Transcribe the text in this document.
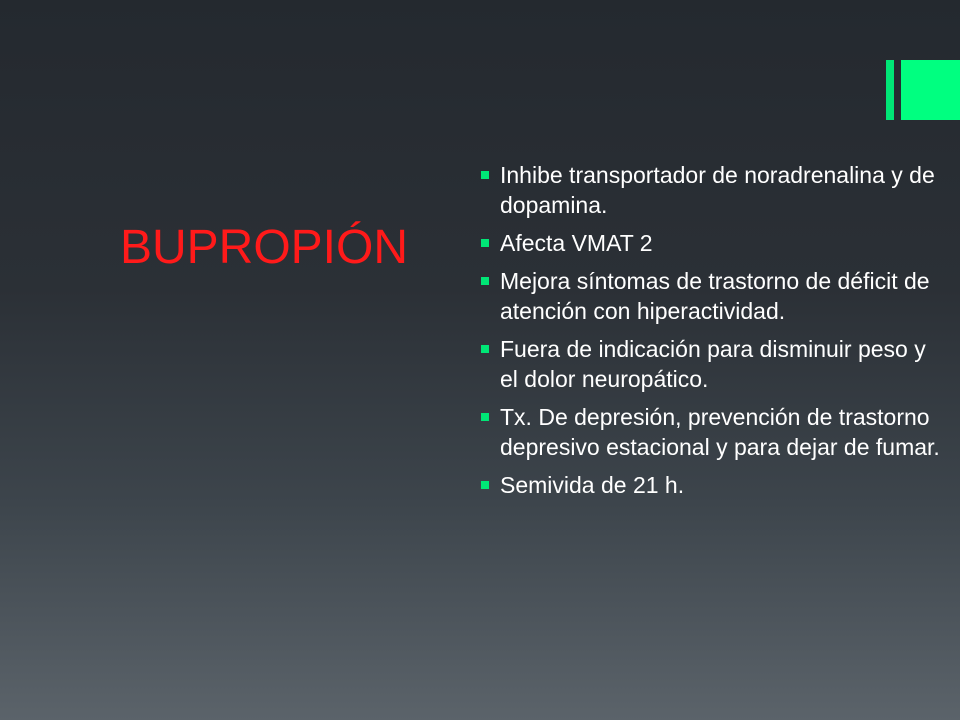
BUPROPIÓN
Inhibe transportador de noradrenalina y de dopamina.
Afecta VMAT 2
Mejora síntomas de trastorno de déficit de atención con hiperactividad.
Fuera de indicación para disminuir peso y el dolor neuropático.
Tx. De depresión, prevención de trastorno depresivo estacional y para dejar de fumar.
Semivida de 21 h.
